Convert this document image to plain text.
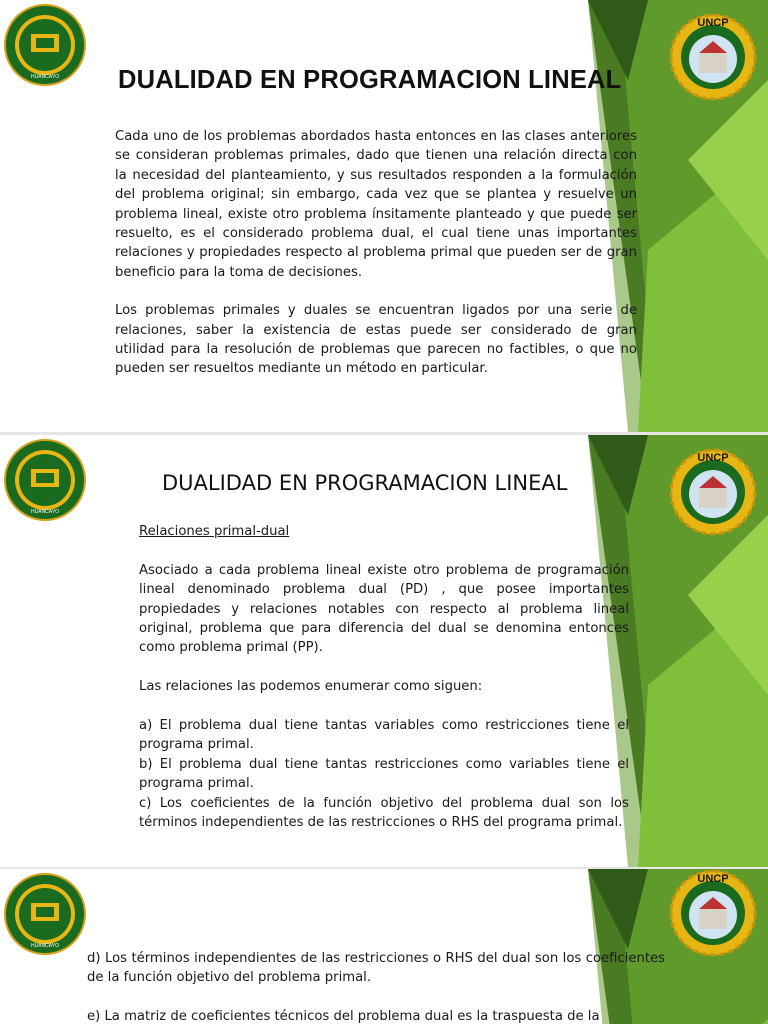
HUANCAYO
UNCP
DUALIDAD EN PROGRAMACION LINEAL

Cada uno de los problemas abordados hasta entonces en las clases anteriores se consideran problemas primales, dado que tienen una relación directa con la necesidad del planteamiento, y sus resultados responden a la formulación del problema original; sin embargo, cada vez que se plantea y resuelve un problema lineal, existe otro problema ínsitamente planteado y que puede ser resuelto, es el considerado problema dual, el cual tiene unas importantes relaciones y propiedades respecto al problema primal que pueden ser de gran beneficio para la toma de decisiones.

Los problemas primales y duales se encuentran ligados por una serie de relaciones, saber la existencia de estas puede ser considerado de gran utilidad para la resolución de problemas que parecen no factibles, o que no pueden ser resueltos mediante un método en particular.

HUANCAYO
UNCP
DUALIDAD EN PROGRAMACION LINEAL

Relaciones primal-dual

Asociado a cada problema lineal existe otro problema de programación lineal denominado problema dual (PD) , que posee importantes propiedades y relaciones notables con respecto al problema lineal original, problema que para diferencia del dual se denomina entonces como problema primal (PP).

Las relaciones las podemos enumerar como siguen:

a) El problema dual tiene tantas variables como restricciones tiene el programa primal.

b) El problema dual tiene tantas restricciones como variables tiene el programa primal.

c) Los coeficientes de la función objetivo del problema dual son los términos independientes de las restricciones o RHS del programa primal.

HUANCAYO
UNCP

d) Los términos independientes de las restricciones o RHS del dual son los coeficientes de la función objetivo del problema primal.

e) La matriz de coeficientes técnicos del problema dual es la traspuesta de la
